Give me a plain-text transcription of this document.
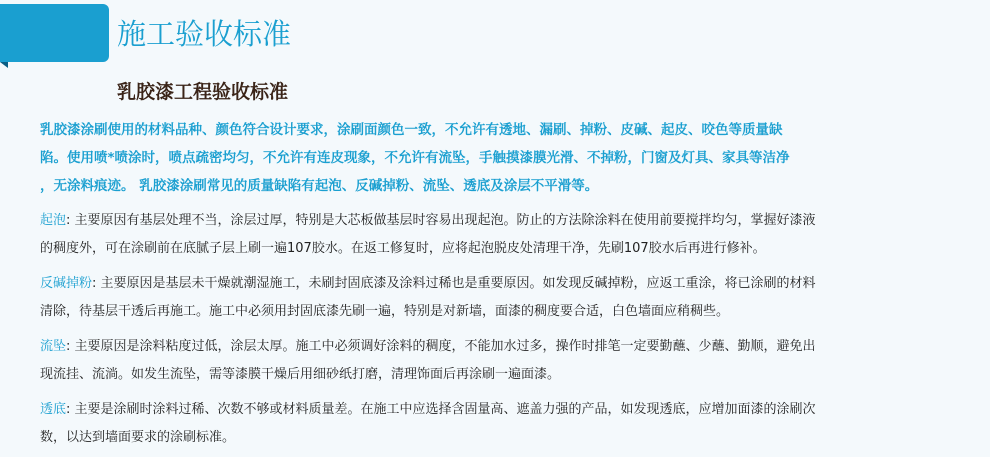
施工验收标准
乳胶漆工程验收标准

乳胶漆涂刷使用的材料品种、颜色符合设计要求，涂刷面颜色一致，不允许有透地、漏刷、掉粉、皮碱、起皮、咬色等质量缺
陷。使用喷*喷涂时，喷点疏密均匀，不允许有连皮现象，不允许有流坠，手触摸漆膜光滑、不掉粉，门窗及灯具、家具等洁净
，无涂料痕迹。 乳胶漆涂刷常见的质量缺陷有起泡、反碱掉粉、流坠、透底及涂层不平滑等。

起泡: 主要原因有基层处理不当，涂层过厚，特别是大芯板做基层时容易出现起泡。防止的方法除涂料在使用前要搅拌均匀，掌握好漆液
的稠度外，可在涂刷前在底腻子层上刷一遍107胶水。在返工修复时，应将起泡脱皮处清理干净，先刷107胶水后再进行修补。

反碱掉粉: 主要原因是基层未干燥就潮湿施工，未刷封固底漆及涂料过稀也是重要原因。如发现反碱掉粉，应返工重涂，将已涂刷的材料
清除，待基层干透后再施工。施工中必须用封固底漆先刷一遍，特别是对新墙，面漆的稠度要合适，白色墙面应稍稠些。

流坠: 主要原因是涂料粘度过低，涂层太厚。施工中必须调好涂料的稠度，不能加水过多，操作时排笔一定要勤蘸、少蘸、勤顺，避免出
现流挂、流淌。如发生流坠，需等漆膜干燥后用细砂纸打磨，清理饰面后再涂刷一遍面漆。

透底: 主要是涂刷时涂料过稀、次数不够或材料质量差。在施工中应选择含固量高、遮盖力强的产品，如发现透底，应增加面漆的涂刷次
数，以达到墙面要求的涂刷标准。
